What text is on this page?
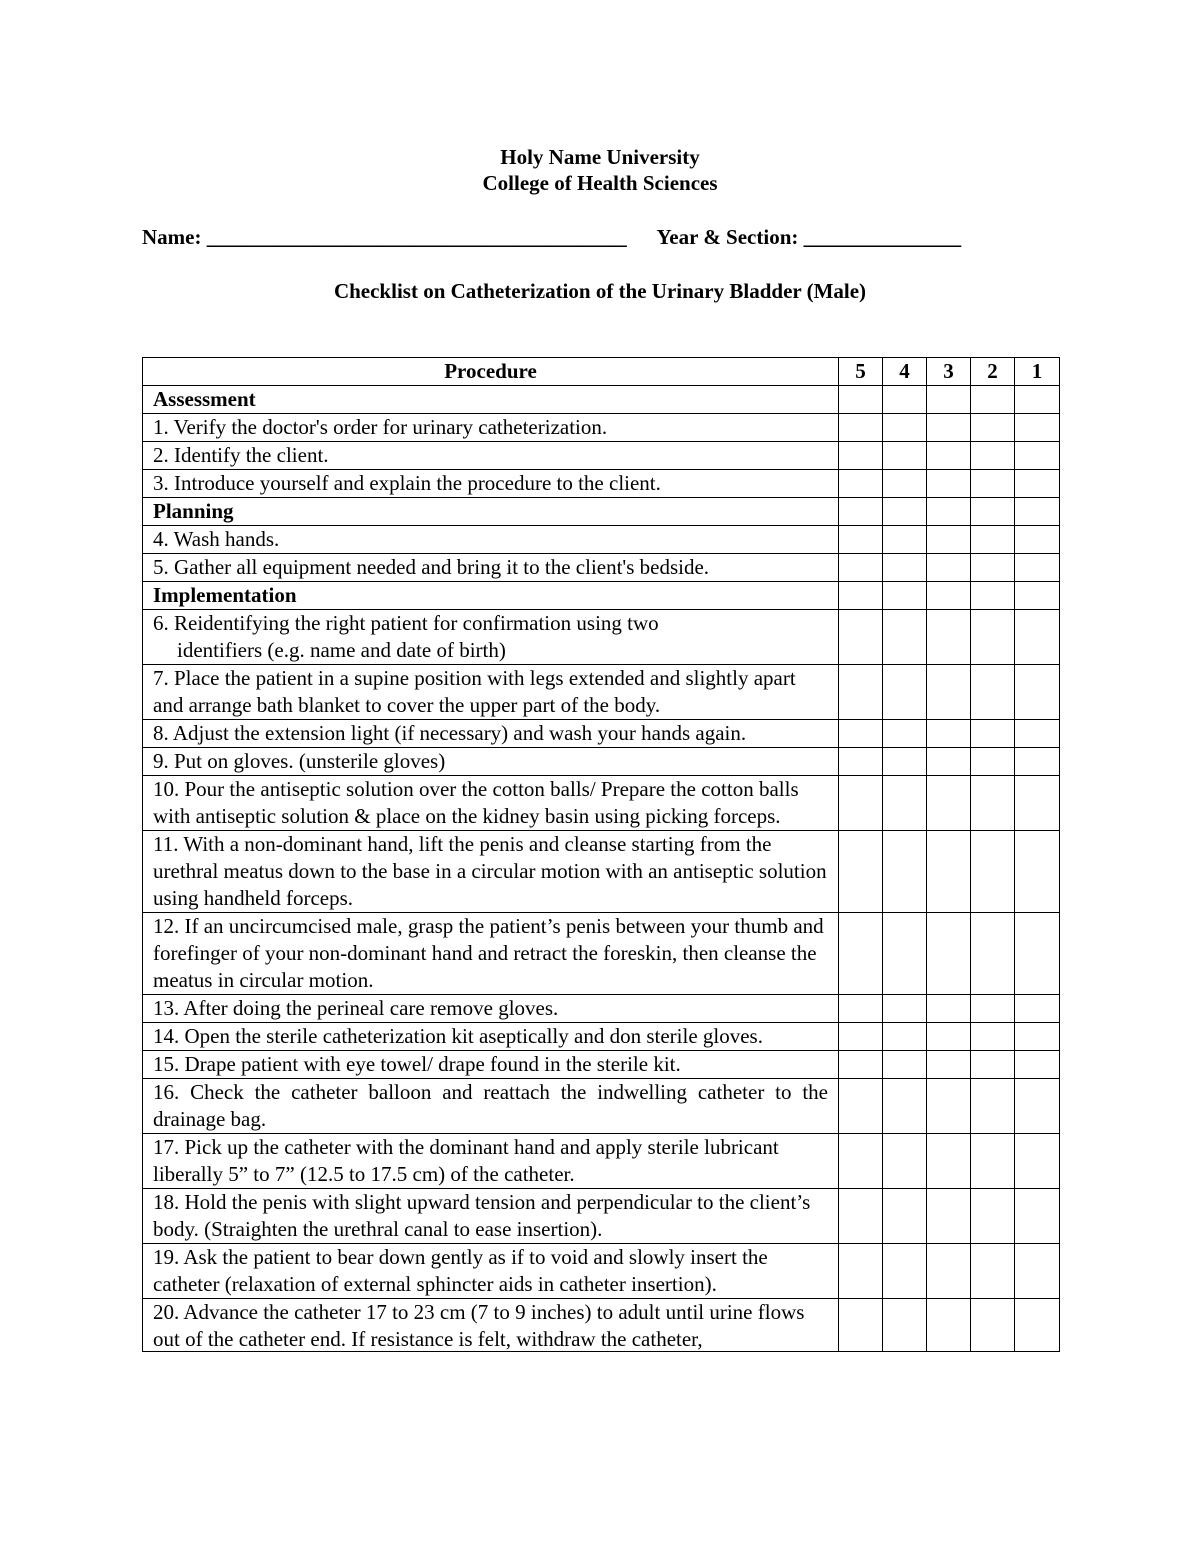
Holy Name University
College of Health Sciences
Name: ________________________________________ Year & Section: _______________
Checklist on Catheterization of the Urinary Bladder (Male)
Procedure	5	4	3	2	1
Assessment					
1. Verify the doctor's order for urinary catheterization.					
2. Identify the client.					
3. Introduce yourself and explain the procedure to the client.					
Planning					
4. Wash hands.					
5. Gather all equipment needed and bring it to the client's bedside.					
Implementation					
6. Reidentifying the right patient for confirmation using two
identifiers (e.g. name and date of birth)					

7. Place the patient in a supine position with legs extended and slightly apart and arrange bath blanket to cover the upper part of the body.					
8. Adjust the extension light (if necessary) and wash your hands again.					
9. Put on gloves. (unsterile gloves)					
10. Pour the antiseptic solution over the cotton balls/ Prepare the cotton balls with antiseptic solution & place on the kidney basin using picking forceps.					
11. With a non-dominant hand, lift the penis and cleanse starting from the urethral meatus down to the base in a circular motion with an antiseptic solution using handheld forceps.					
12. If an uncircumcised male, grasp the patient’s penis between your thumb and forefinger of your non-dominant hand and retract the foreskin, then cleanse the meatus in circular motion.					
13. After doing the perineal care remove gloves.					
14. Open the sterile catheterization kit aseptically and don sterile gloves.					
15. Drape patient with eye towel/ drape found in the sterile kit.					
16. Check the catheter balloon and reattach the indwelling catheter to the drainage bag.					
17. Pick up the catheter with the dominant hand and apply sterile lubricant liberally 5” to 7” (12.5 to 17.5 cm) of the catheter.					
18. Hold the penis with slight upward tension and perpendicular to the client’s body. (Straighten the urethral canal to ease insertion).					
19. Ask the patient to bear down gently as if to void and slowly insert the catheter (relaxation of external sphincter aids in catheter insertion).					

20. Advance the catheter 17 to 23 cm (7 to 9 inches) to adult until urine flows out of the catheter end. If resistance is felt, withdraw the catheter,					
